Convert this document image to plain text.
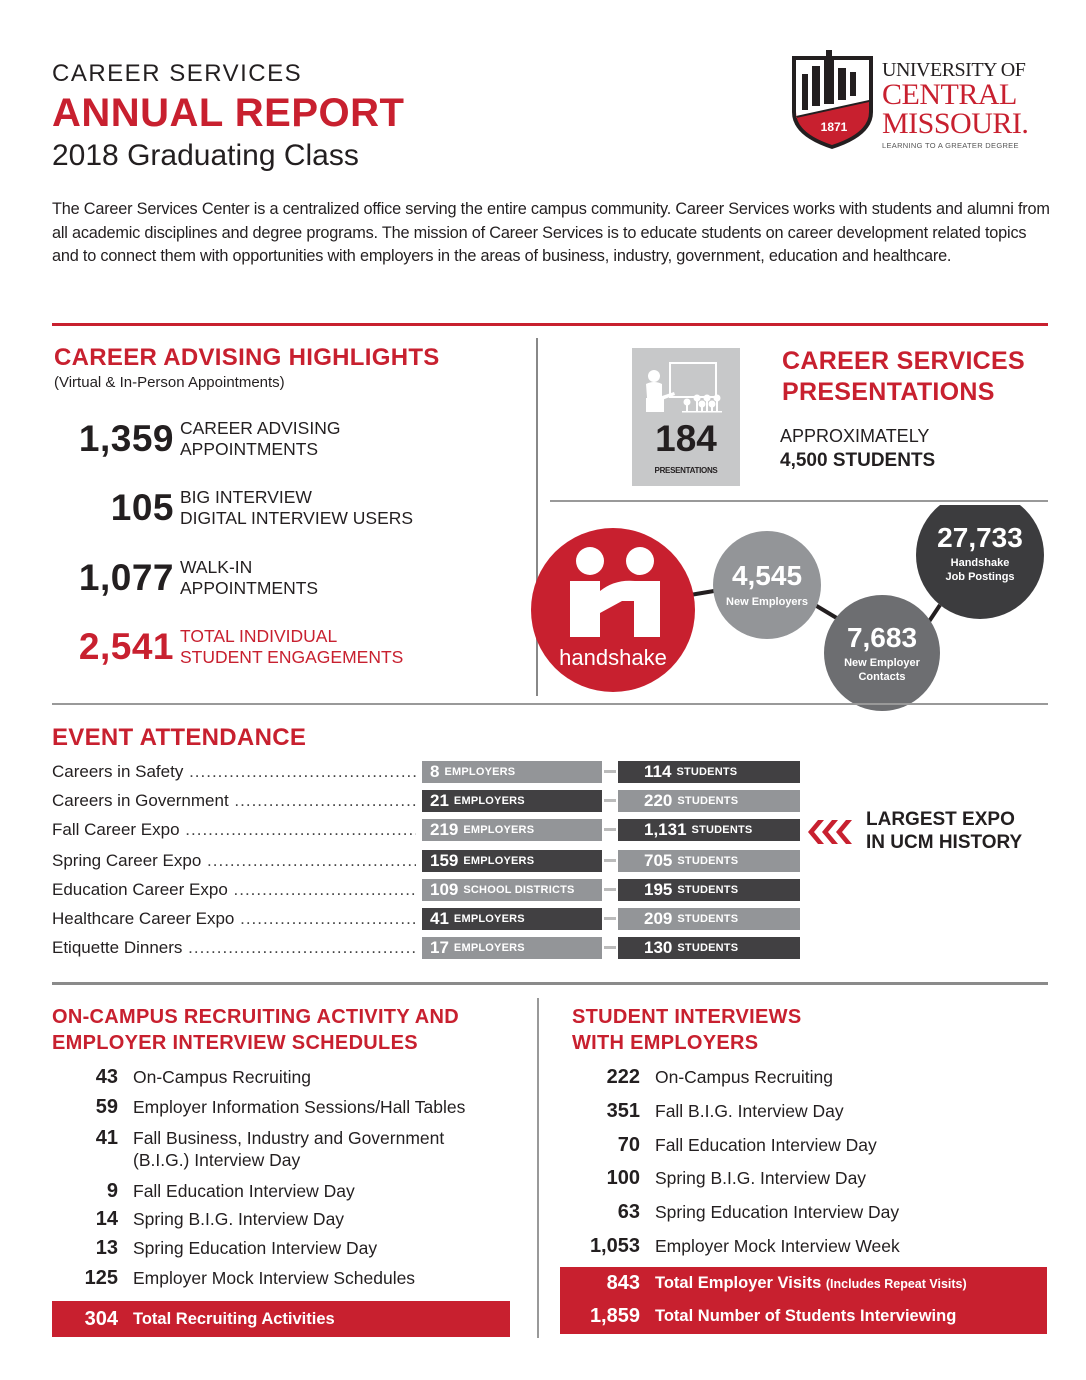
CAREER SERVICES
ANNUAL REPORT
2018 Graduating Class
1871
UNIVERSITY OF
CENTRAL
MISSOURI.
LEARNING TO A GREATER DEGREE

The Career Services Center is a centralized office serving the entire campus community. Career Services works with students and alumni from all academic disciplines and degree programs. The mission of Career Services is to educate students on career development related topics and to connect them with opportunities with employers in the areas of business, industry, government, education and healthcare.

CAREER ADVISING HIGHLIGHTS
(Virtual & In-Person Appointments)
1,359 CAREER ADVISING
APPOINTMENTS
105 BIG INTERVIEW
DIGITAL INTERVIEW USERS
1,077 WALK-IN
APPOINTMENTS
2,541 TOTAL INDIVIDUAL
STUDENT ENGAGEMENTS
184
PRESENTATIONS
CAREER SERVICES
PRESENTATIONS
APPROXIMATELY
4,500 STUDENTS
handshake
4,545
New Employers
7,683
New Employer
Contacts
27,733
Handshake
Job Postings
EVENT ATTENDANCE
Careers in Safety .....	8 EMPLOYERS	114 STUDENTS
Careers in Government .....	21 EMPLOYERS	220 STUDENTS
Fall Career Expo .....	219 EMPLOYERS	1,131 STUDENTS
Spring Career Expo .....	159 EMPLOYERS	705 STUDENTS
Education Career Expo .....	109 SCHOOL DISTRICTS	195 STUDENTS
Healthcare Career Expo .....	41 EMPLOYERS	209 STUDENTS
Etiquette Dinners .....	17 EMPLOYERS	130 STUDENTS
LARGEST EXPO
IN UCM HISTORY
ON-CAMPUS RECRUITING ACTIVITY AND
EMPLOYER INTERVIEW SCHEDULES
43 On-Campus Recruiting
59 Employer Information Sessions/Hall Tables
41 Fall Business, Industry and Government
(B.I.G.) Interview Day
9 Fall Education Interview Day
14 Spring B.I.G. Interview Day
13 Spring Education Interview Day
125 Employer Mock Interview Schedules
304 Total Recruiting Activities
STUDENT INTERVIEWS
WITH EMPLOYERS
222 On-Campus Recruiting
351 Fall B.I.G. Interview Day
70 Fall Education Interview Day
100 Spring B.I.G. Interview Day
63 Spring Education Interview Day
1,053 Employer Mock Interview Week
843 Total Employer Visits (Includes Repeat Visits)
1,859 Total Number of Students Interviewing
